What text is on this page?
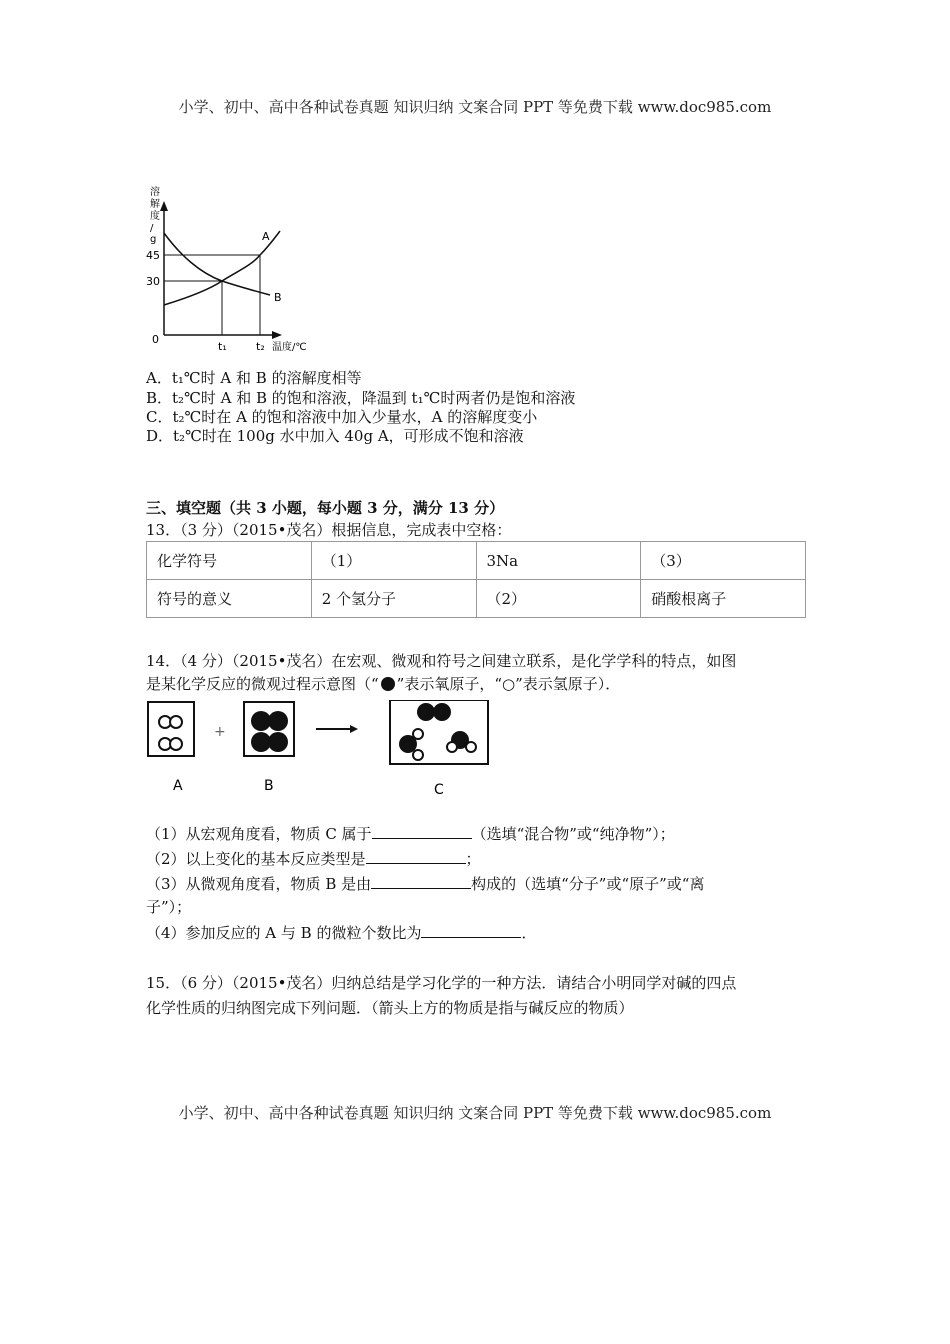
小学、初中、高中各种试卷真题 知识归纳 文案合同 PPT 等免费下载 www.doc985.com
溶
解
度
/
g
45
30
0
t₁	t₂ 温度/℃
A
B
A．t₁℃时 A 和 B 的溶解度相等
B．t₂℃时 A 和 B 的饱和溶液，降温到 t₁℃时两者仍是饱和溶液
C．t₂℃时在 A 的饱和溶液中加入少量水，A 的溶解度变小
D．t₂℃时在 100g 水中加入 40g A，可形成不饱和溶液
三、填空题（共 3 小题，每小题 3 分，满分 13 分）
13．（3 分）（2015•茂名）根据信息，完成表中空格：
化学符号	（1）	3Na	（3）
符号的意义	2 个氢分子	（2）	硝酸根离子
14．（4 分）（2015•茂名）在宏观、微观和符号之间建立联系，是化学学科的特点，如图
是某化学反应的微观过程示意图（“ ”表示氧原子，“○”表示氢原子）．
+
A	B	C
（1）从宏观角度看，物质 C 属于	（选填“混合物”或“纯净物”）；
（2）以上变化的基本反应类型是	；
（3）从微观角度看，物质 B 是由	构成的（选填“分子”或“原子”或“离
子”）；
（4）参加反应的 A 与 B 的微粒个数比为	．
15．（6 分）（2015•茂名）归纳总结是学习化学的一种方法．请结合小明同学对碱的四点
化学性质的归纳图完成下列问题．（箭头上方的物质是指与碱反应的物质）
小学、初中、高中各种试卷真题 知识归纳 文案合同 PPT 等免费下载 www.doc985.com
